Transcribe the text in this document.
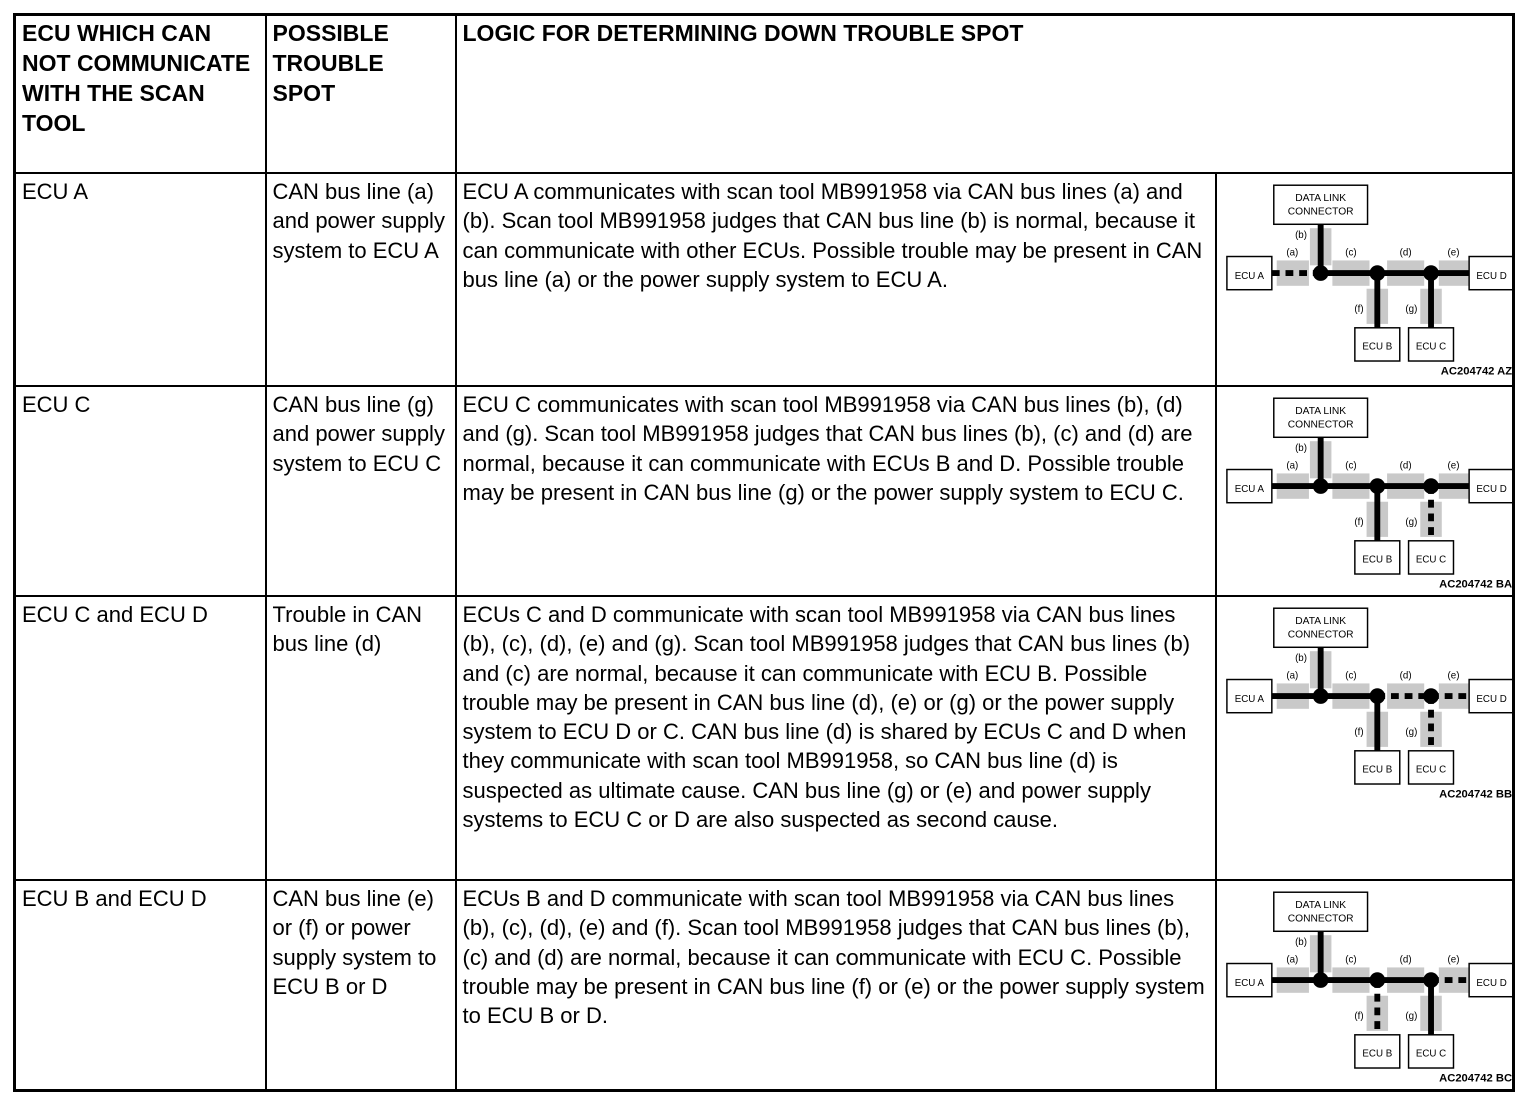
ECU WHICH CAN NOT COMMUNICATE WITH THE SCAN TOOL	POSSIBLE TROUBLE SPOT	LOGIC FOR DETERMINING DOWN TROUBLE SPOT	
ECU A	CAN bus line (a) and power supply system to ECU A	ECU A communicates with scan tool MB991958 via CAN bus lines (a) and (b). Scan tool MB991958 judges that CAN bus line (b) is normal, because it can communicate with other ECUs. Possible trouble may be present in CAN bus line (a) or the power supply system to ECU A.	
DATA LINK
CONNECTOR
ECU A	ECU D
ECU B ECU C
(a)
(b)
(c)	(d)	(e)
(f)	(g)
AC204742 AZ

ECU C	CAN bus line (g) and power supply system to ECU C	ECU C communicates with scan tool MB991958 via CAN bus lines (b), (d) and (g). Scan tool MB991958 judges that CAN bus lines (b), (c) and (d) are normal, because it can communicate with ECUs B and D. Possible trouble may be present in CAN bus line (g) or the power supply system to ECU C.	
DATA LINK
CONNECTOR
ECU A	ECU D
ECU B ECU C
(a)
(b)
(c)	(d)	(e)
(f)	(g)
AC204742 BA

ECU C and ECU D	Trouble in CAN bus line (d)	ECUs C and D communicate with scan tool MB991958 via CAN bus lines (b), (c), (d), (e) and (g). Scan tool MB991958 judges that CAN bus lines (b) and (c) are normal, because it can communicate with ECU B. Possible trouble may be present in CAN bus line (d), (e) or (g) or the power supply system to ECU D or C. CAN bus line (d) is shared by ECUs C and D when they communicate with scan tool MB991958, so CAN bus line (d) is suspected as ultimate cause. CAN bus line (g) or (e) and power supply systems to ECU C or D are also suspected as second cause.	
DATA LINK
CONNECTOR
ECU A	ECU D
ECU B ECU C
(a)
(b)
(c)	(d)	(e)
(f)	(g)
AC204742 BB

ECU B and ECU D	CAN bus line (e) or (f) or power supply system to ECU B or D	ECUs B and D communicate with scan tool MB991958 via CAN bus lines (b), (c), (d), (e) and (f). Scan tool MB991958 judges that CAN bus lines (b), (c) and (d) are normal, because it can communicate with ECU C. Possible trouble may be present in CAN bus line (f) or (e) or the power supply system to ECU B or D.	
DATA LINK
CONNECTOR
ECU A	ECU D
ECU B ECU C
(a)
(b)
(c)	(d)	(e)
(f)	(g)
AC204742 BC
